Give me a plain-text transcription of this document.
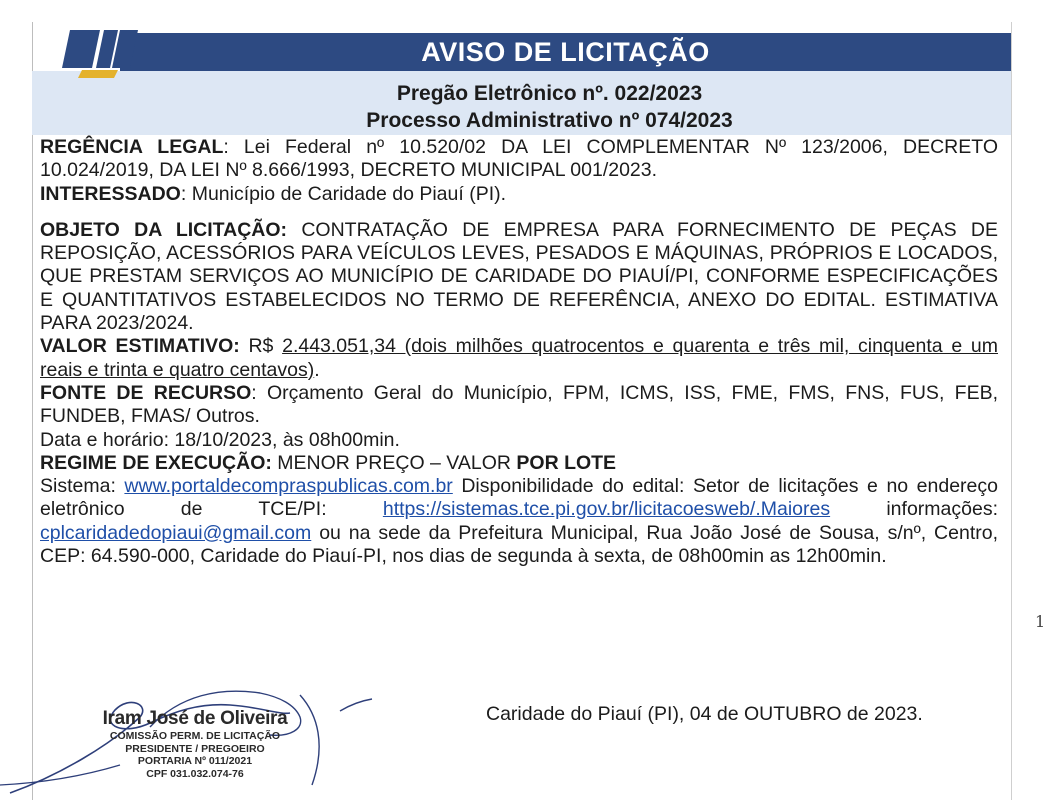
AVISO DE LICITAÇÃO
Pregão Eletrônico nº. 022/2023
Processo Administrativo nº 074/2023

REGÊNCIA LEGAL: Lei Federal nº 10.520/02 DA LEI COMPLEMENTAR Nº 123/2006, DECRETO 10.024/2019, DA LEI Nº 8.666/1993, DECRETO MUNICIPAL 001/2023.

INTERESSADO: Município de Caridade do Piauí (PI).

OBJETO DA LICITAÇÃO: CONTRATAÇÃO DE EMPRESA PARA FORNECIMENTO DE PEÇAS DE REPOSIÇÃO, ACESSÓRIOS PARA VEÍCULOS LEVES, PESADOS E MÁQUINAS, PRÓPRIOS E LOCADOS, QUE PRESTAM SERVIÇOS AO MUNICÍPIO DE CARIDADE DO PIAUÍ/PI, CONFORME ESPECIFICAÇÕES E QUANTITATIVOS ESTABELECIDOS NO TERMO DE REFERÊNCIA, ANEXO DO EDITAL. ESTIMATIVA PARA 2023/2024.

VALOR ESTIMATIVO: R$ 2.443.051,34 (dois milhões quatrocentos e quarenta e três mil, cinquenta e um reais e trinta e quatro centavos).

FONTE DE RECURSO: Orçamento Geral do Município, FPM, ICMS, ISS, FME, FMS, FNS, FUS, FEB, FUNDEB, FMAS/ Outros.

Data e horário: 18/10/2023, às 08h00min.

REGIME DE EXECUÇÃO: MENOR PREÇO – VALOR POR LOTE

Sistema: www.portaldecompraspublicas.com.br Disponibilidade do edital: Setor de licitações e no endereço eletrônico de TCE/PI: https://sistemas.tce.pi.gov.br/licitacoesweb/.Maiores informações: cplcaridadedopiaui@gmail.com ou na sede da Prefeitura Municipal, Rua João José de Sousa, s/nº, Centro, CEP: 64.590-000, Caridade do Piauí-PI, nos dias de segunda à sexta, de 08h00min as 12h00min.

Iram José de Oliveira
COMISSÃO PERM. DE LICITAÇÃO
PRESIDENTE / PREGOEIRO
PORTARIA Nº 011/2021
CPF 031.032.074-76
Caridade do Piauí (PI), 04 de OUTUBRO de 2023.
1
